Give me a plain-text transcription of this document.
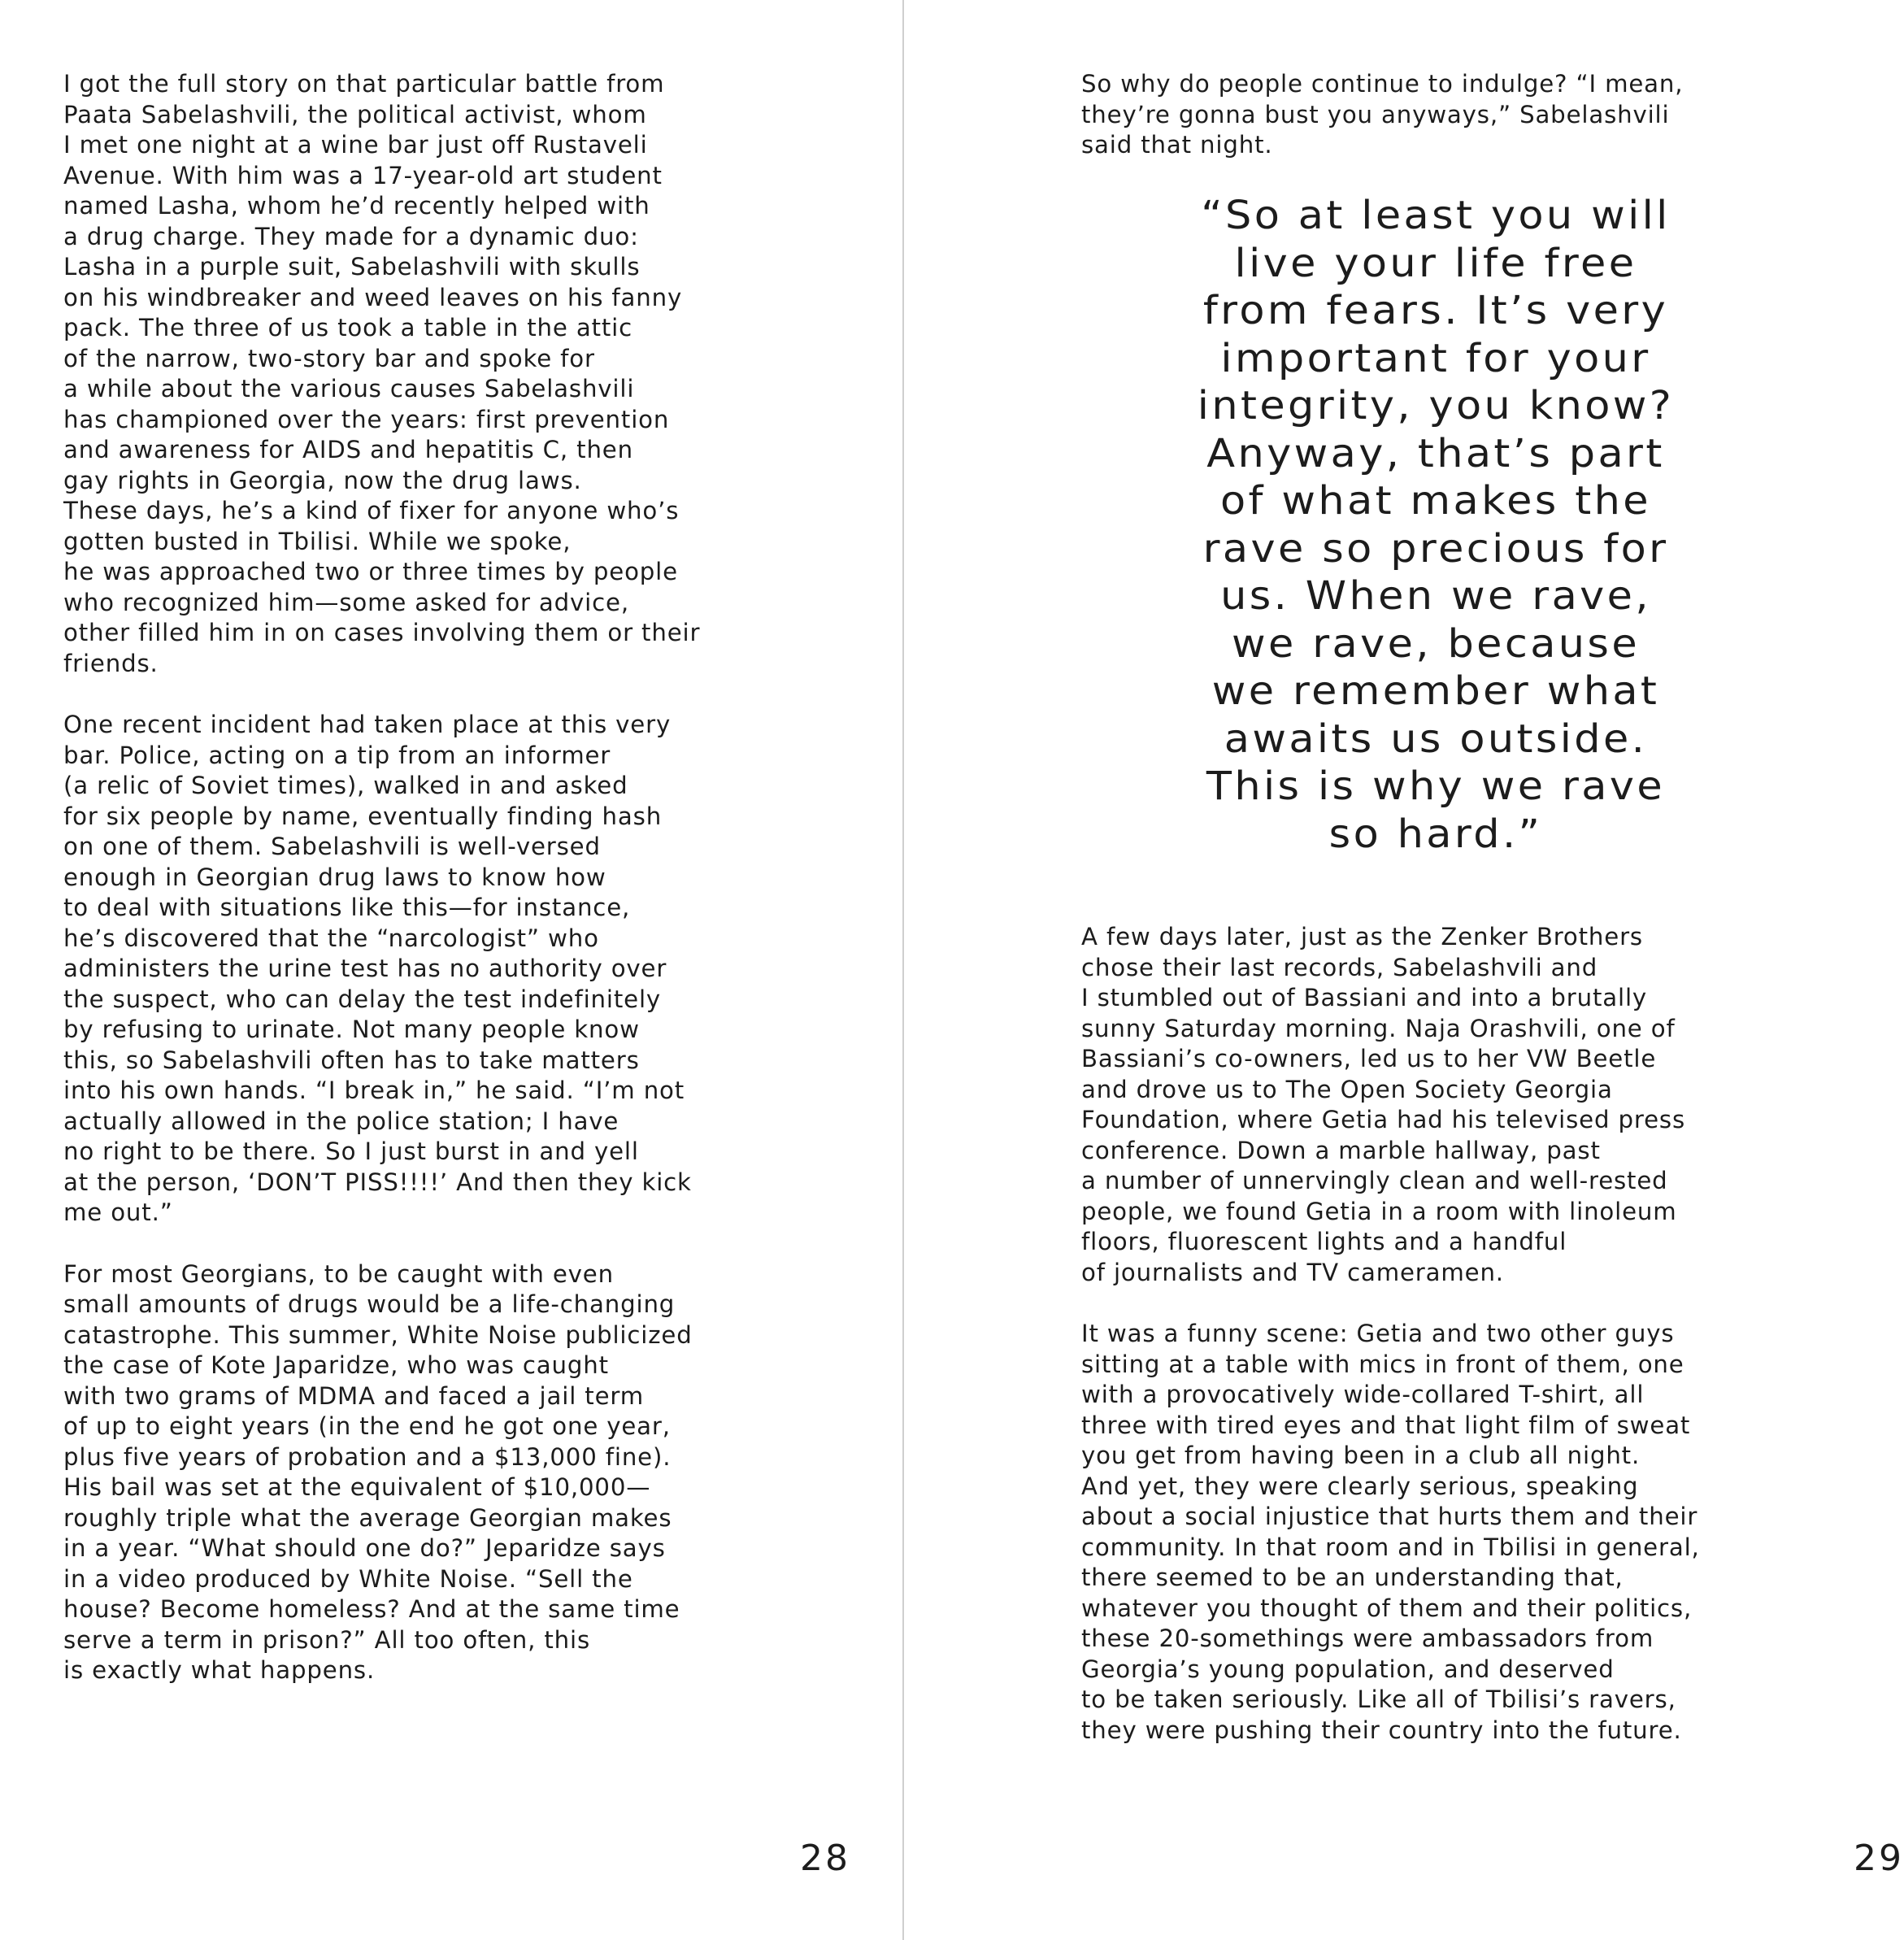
I got the full story on that particular battle from
Paata Sabelashvili, the political activist, whom
I met one night at a wine bar just off Rustaveli
Avenue. With him was a 17-year-old art student
named Lasha, whom he’d recently helped with
a drug charge. They made for a dynamic duo:
Lasha in a purple suit, Sabelashvili with skulls
on his windbreaker and weed leaves on his fanny
pack. The three of us took a table in the attic
of the narrow, two-story bar and spoke for
a while about the various causes Sabelashvili
has championed over the years: first prevention
and awareness for AIDS and hepatitis C, then
gay rights in Georgia, now the drug laws.
These days, he’s a kind of fixer for anyone who’s
gotten busted in Tbilisi. While we spoke,
he was approached two or three times by people
who recognized him—some asked for advice,
other filled him in on cases involving them or their
friends.

One recent incident had taken place at this very
bar. Police, acting on a tip from an informer
(a relic of Soviet times), walked in and asked
for six people by name, eventually finding hash
on one of them. Sabelashvili is well-versed
enough in Georgian drug laws to know how
to deal with situations like this—for instance,
he’s discovered that the “narcologist” who
administers the urine test has no authority over
the suspect, who can delay the test indefinitely
by refusing to urinate. Not many people know
this, so Sabelashvili often has to take matters
into his own hands. “I break in,” he said. “I’m not
actually allowed in the police station; I have
no right to be there. So I just burst in and yell
at the person, ‘DON’T PISS!!!!’ And then they kick
me out.”

For most Georgians, to be caught with even
small amounts of drugs would be a life-changing
catastrophe. This summer, White Noise publicized
the case of Kote Japaridze, who was caught
with two grams of MDMA and faced a jail term
of up to eight years (in the end he got one year,
plus five years of probation and a $13,000 fine).
His bail was set at the equivalent of $10,000—
roughly triple what the average Georgian makes
in a year. “What should one do?” Jeparidze says
in a video produced by White Noise. “Sell the
house? Become homeless? And at the same time
serve a term in prison?” All too often, this
is exactly what happens.

28

So why do people continue to indulge? “I mean,
they’re gonna bust you anyways,” Sabelashvili
said that night.

“So at least you will
live your life free
from fears. It’s very
important for your
integrity, you know?
Anyway, that’s part
of what makes the
rave so precious for
us. When we rave,
we rave, because
we remember what
awaits us outside.
This is why we rave
so hard.”

A few days later, just as the Zenker Brothers
chose their last records, Sabelashvili and
I stumbled out of Bassiani and into a brutally
sunny Saturday morning. Naja Orashvili, one of
Bassiani’s co-owners, led us to her VW Beetle
and drove us to The Open Society Georgia
Foundation, where Getia had his televised press
conference. Down a marble hallway, past
a number of unnervingly clean and well-rested
people, we found Getia in a room with linoleum
floors, fluorescent lights and a handful
of journalists and TV cameramen.

It was a funny scene: Getia and two other guys
sitting at a table with mics in front of them, one
with a provocatively wide-collared T-shirt, all
three with tired eyes and that light film of sweat
you get from having been in a club all night.
And yet, they were clearly serious, speaking
about a social injustice that hurts them and their
community. In that room and in Tbilisi in general,
there seemed to be an understanding that,
whatever you thought of them and their politics,
these 20-somethings were ambassadors from
Georgia’s young population, and deserved
to be taken seriously. Like all of Tbilisi’s ravers,
they were pushing their country into the future.

29
